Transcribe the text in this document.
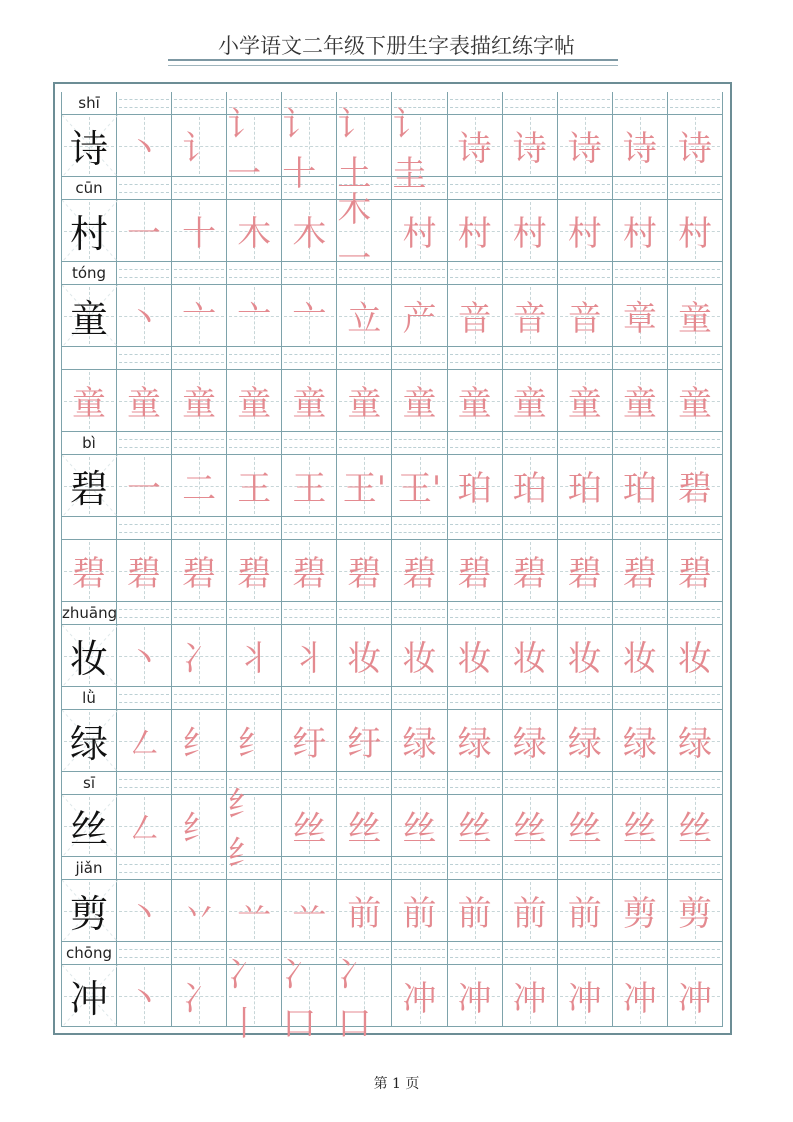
小学语文二年级下册生字表描红练字帖
shī
诗 丶 讠
讠一
讠十
讠土
讠圭
诗 诗 诗 诗 诗
cūn
村 一 十 木 木
木一
村 村 村 村 村 村
tóng
童 丶 亠 亠 亠 立 产 音 音 音 章 童
童 童 童 童 童 童 童 童 童 童 童 童
bì
碧 一 二 王 王 王' 王' 珀 珀 珀 珀 碧
碧 碧 碧 碧 碧 碧 碧 碧 碧 碧 碧 碧
zhuāng
妆 丶 冫 丬 丬 妆 妆 妆 妆 妆 妆 妆
lǜ
绿 ㇜ 纟 纟 纡 纡 绿 绿 绿 绿 绿 绿
sī
丝 ㇜ 纟
纟纟
丝 丝 丝 丝 丝 丝 丝 丝
jiǎn
剪 丶 丷 䒑 䒑 前 前 前 前 前 剪 剪
chōng
冲 丶 冫
冫丨
冫口
冫口
冲 冲 冲 冲 冲 冲
第 1 页
